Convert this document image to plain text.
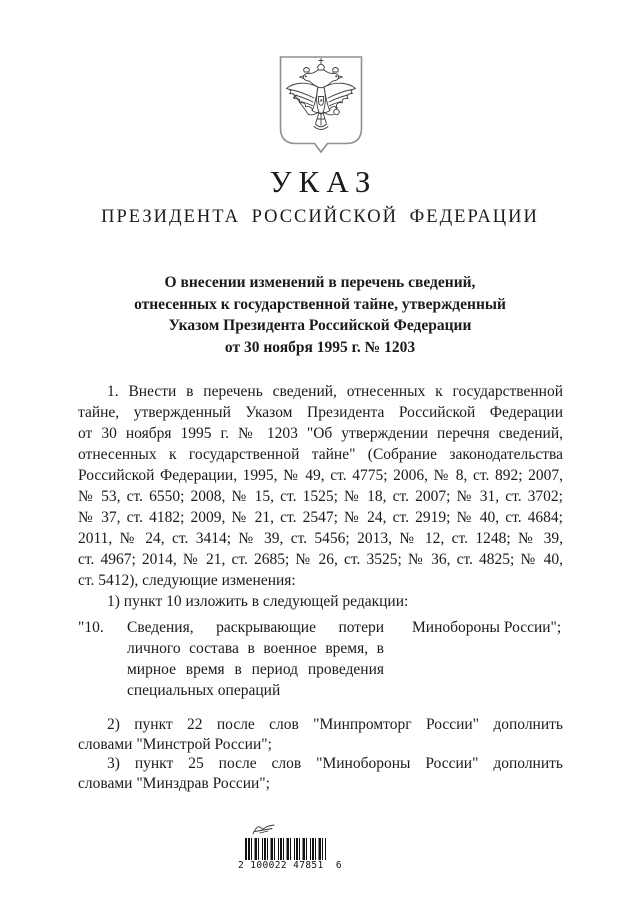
УКАЗ
ПРЕЗИДЕНТА РОССИЙСКОЙ ФЕДЕРАЦИИ
О внесении изменений в перечень сведений,
отнесенных к государственной тайне, утвержденный
Указом Президента Российской Федерации
от 30 ноября 1995 г. № 1203
1. Внести в перечень сведений, отнесенных к государственной
тайне, утвержденный Указом Президента Российской Федерации
от 30 ноября 1995 г. № 1203 "Об утверждении перечня сведений,
отнесенных к государственной тайне" (Собрание законодательства
Российской Федерации, 1995, № 49, ст. 4775; 2006, № 8, ст. 892; 2007,
№ 53, ст. 6550; 2008, № 15, ст. 1525; № 18, ст. 2007; № 31, ст. 3702;
№ 37, ст. 4182; 2009, № 21, ст. 2547; № 24, ст. 2919; № 40, ст. 4684;
2011, № 24, ст. 3414; № 39, ст. 5456; 2013, № 12, ст. 1248; № 39,
ст. 4967; 2014, № 21, ст. 2685; № 26, ст. 3525; № 36, ст. 4825; № 40,
ст. 5412), следующие изменения:
1) пункт 10 изложить в следующей редакции:
"10. Сведения, раскрывающие потери
личного состава в военное время, в
мирное время в период проведения
специальных операций
Минобороны России";
2) пункт 22 после слов "Минпромторг России" дополнить
словами "Минстрой России";
3) пункт 25 после слов "Минобороны России" дополнить
словами "Минздрав России";
2 100022 47851  6
